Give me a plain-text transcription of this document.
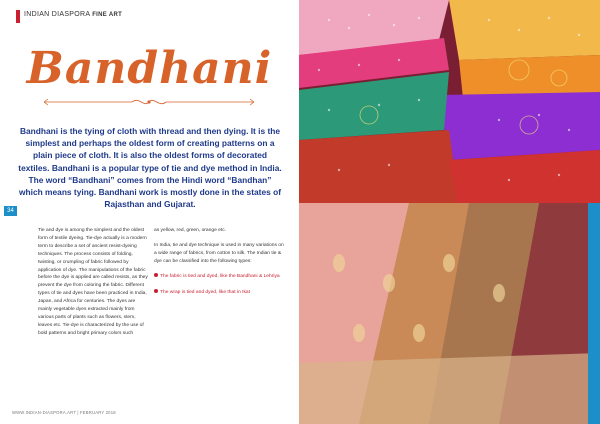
INDIAN DIASPORA FINE ART
Bandhani
Bandhani is the tying of cloth with thread and then dying. It is the simplest and perhaps the oldest form of creating patterns on a plain piece of cloth. It is also the oldest forms of decorated textiles. Bandhani is a popular type of tie and dye method in India. The word “Bandhani” comes from the Hindi word “Bandhan” which means tying. Bandhani work is mostly done in the states of Rajasthan and Gujarat.
34

Tie and dye is among the simplest and the oldest form of textile dyeing. Tie-dye actually is a modern term to describe a set of ancient resist-dyeing techniques. The process consists of folding, twisting, or crumpling of fabric followed by application of dye. The manipulations of the fabric before the dye is applied are called resists, as they prevent the dye from coloring the fabric. Different types of tie and dyes have been practiced in India, Japan, and Africa for centuries. The dyes are mainly vegetable dyes extracted mainly from various parts of plants such as flowers, stem, leaves etc. Tie-dye is characterized by the use of bold patterns and bright primary colors such

as yellow, red, green, orange etc.

In India, tie and dye technique is used in many variations on a wide range of fabrics, from cotton to silk. The Indian tie & dye can be classified into the following types:

The fabric is tied and dyed, like the Bandhani & Lehriya
The wrap is tied and dyed, like that in Ikat
WWW.INDIAN-DIASPORA.ART | FEBRUARY 2018
